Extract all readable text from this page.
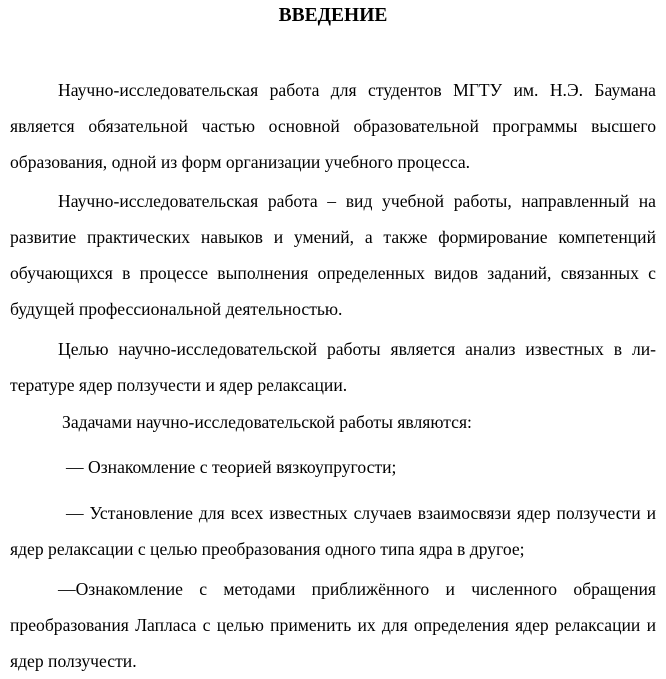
ВВЕДЕНИЕ

Научно-исследовательская работа для студентов МГТУ им. Н.Э. Баумана является обязательной частью основной образовательной программы высшего образования, одной из форм организации учебного процесса.

Научно-исследовательская работа – вид учебной работы, направленный на развитие практических навыков и умений, а также формирование компетенций обучающихся в процессе выполнения определенных видов заданий, связанных с будущей профессиональной деятельностью.

Целью научно-исследовательской работы является анализ известных в литературе ядер ползучести и ядер релаксации.

Задачами научно-исследовательской работы являются:

— Ознакомление с теорией вязкоупругости;

— Установление для всех известных случаев взаимосвязи ядер ползучести и ядер релаксации с целью преобразования одного типа ядра в другое;

—Ознакомление с методами приближённого и численного обращения преобразования Лапласа с целью применить их для определения ядер релаксации и ядер ползучести.
